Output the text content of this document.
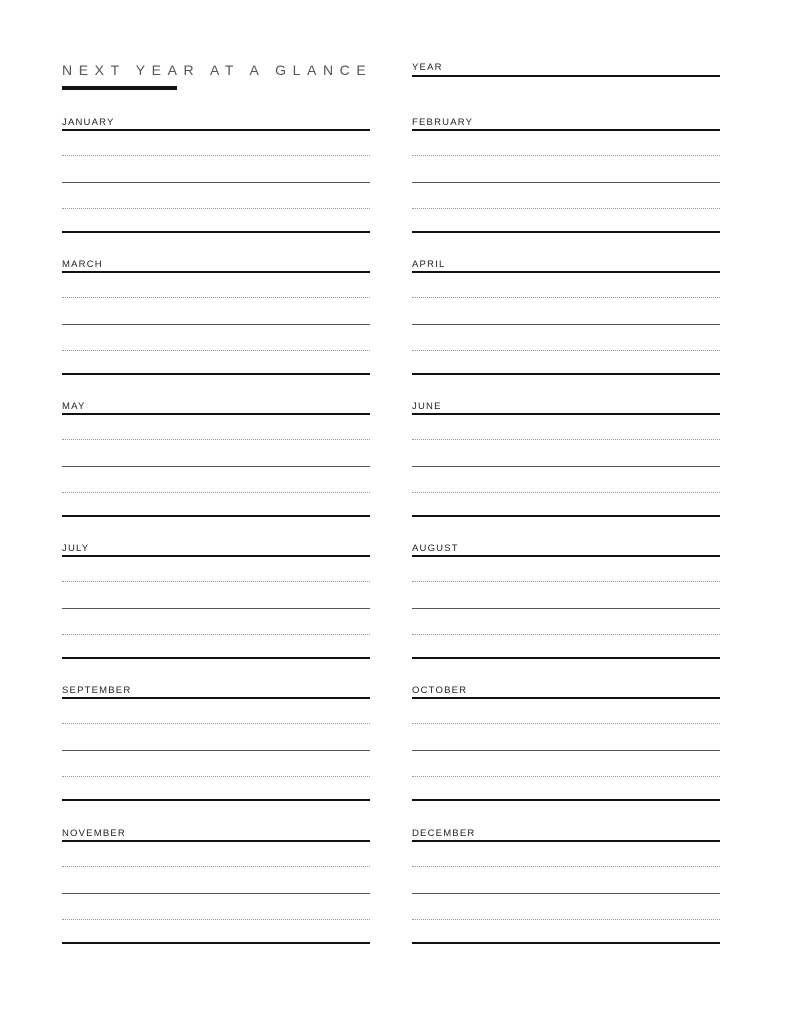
NEXT YEAR AT A GLANCE	YEAR
JANUARY	FEBRUARY
MARCH	APRIL
MAY	JUNE
JULY	AUGUST
SEPTEMBER	OCTOBER
NOVEMBER	DECEMBER
